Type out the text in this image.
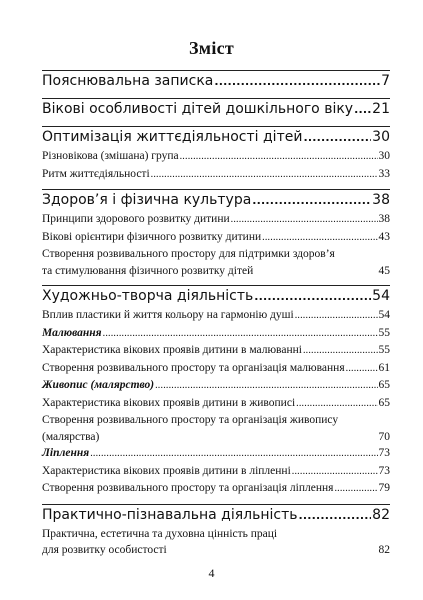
Зміст
Пояснювальна записка .....	7
Вікові особливості дітей дошкільного віку ..... 21
Оптимізація життєдіяльності дітей .....	30
Різновікова (змішана) група .....	30
Ритм життєдіяльності .....	33
Здоров’я і фізична культура .....	38
Принципи здорового розвитку дитини .....	38
Вікові орієнтири фізичного розвитку дитини .....	43
Створення розвивального простору для підтримки здоров’я
та стимулювання фізичного розвитку дітей	45
Художньо-творча діяльність .....	54
Вплив пластики й життя кольору на гармонію душі .....	54
Малювання .....	55
Характеристика вікових проявів дитини в малюванні .....	55
Створення розвивального простору та організація малювання .....	61
Живопис (малярство) .....	65
Характеристика вікових проявів дитини в живописі .....	65
Створення розвивального простору та організація живопису
(малярства)	70
Ліплення .....	73
Характеристика вікових проявів дитини в ліпленні .....	73
Створення розвивального простору та організація ліплення .....	79
Практично-пізнавальна діяльність .....	82
Практична, естетична та духовна цінність праці
для розвитку особистості	82
4
